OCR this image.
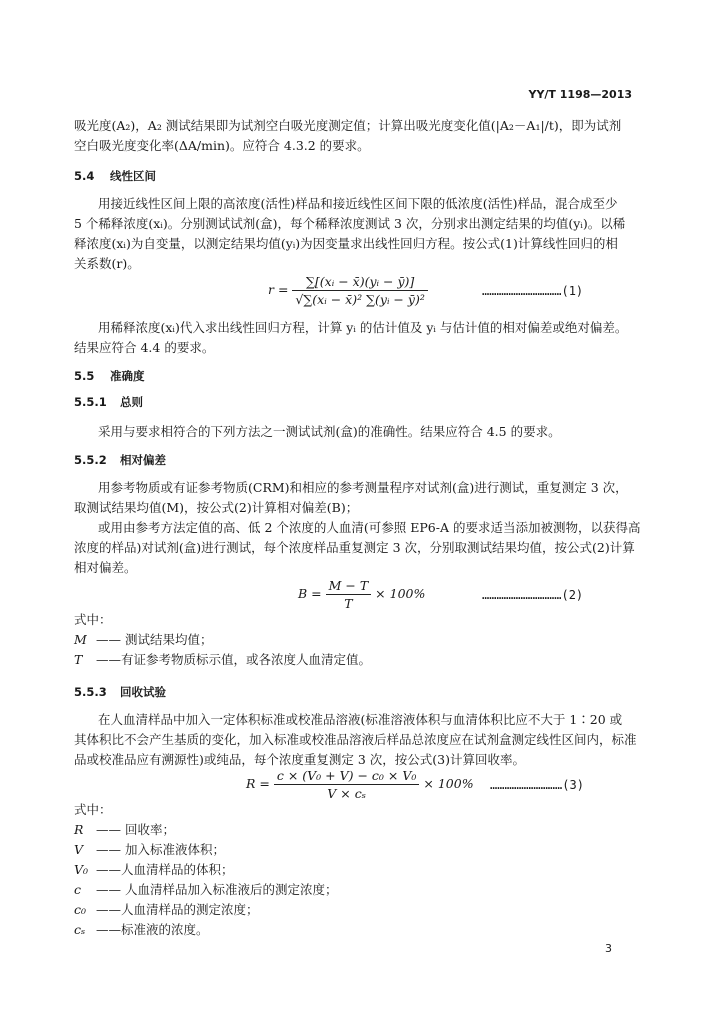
YY/T 1198—2013
吸光度(A₂)，A₂ 测试结果即为试剂空白吸光度测定值；计算出吸光度变化值(|A₂－A₁|/t)，即为试剂
空白吸光度变化率(ΔA/min)。应符合 4.3.2 的要求。
5.4 线性区间
用接近线性区间上限的高浓度(活性)样品和接近线性区间下限的低浓度(活性)样品，混合成至少
5 个稀释浓度(xᵢ)。分别测试试剂(盒)，每个稀释浓度测试 3 次，分别求出测定结果的均值(yᵢ)。以稀
释浓度(xᵢ)为自变量，以测定结果均值(yᵢ)为因变量求出线性回归方程。按公式(1)计算线性回归的相
关系数(r)。
$r = \frac{\text{∑[(xᵢ − x̄)(yᵢ − ȳ)]}}{\text{√∑(xᵢ − x̄)² ∑(yᵢ − ȳ)²}}$	……………………………(1)
用稀释浓度(xᵢ)代入求出线性回归方程，计算 yᵢ 的估计值及 yᵢ 与估计值的相对偏差或绝对偏差。
结果应符合 4.4 的要求。
5.5 准确度
5.5.1 总则
采用与要求相符合的下列方法之一测试试剂(盒)的准确性。结果应符合 4.5 的要求。
5.5.2 相对偏差
用参考物质或有证参考物质(CRM)和相应的参考测量程序对试剂(盒)进行测试，重复测定 3 次，
取测试结果均值(M)，按公式(2)计算相对偏差(B)；
或用由参考方法定值的高、低 2 个浓度的人血清(可参照 EP6-A 的要求适当添加被测物，以获得高
浓度的样品)对试剂(盒)进行测试，每个浓度样品重复测定 3 次，分别取测试结果均值，按公式(2)计算
相对偏差。
$B = \frac{M - T}{T} \times 100\%$	……………………………(2)
式中：
M —— 测试结果均值；
T ——有证参考物质标示值，或各浓度人血清定值。
5.5.3 回收试验
在人血清样品中加入一定体积标准或校准品溶液(标准溶液体积与血清体积比应不大于 1∶20 或
其体积比不会产生基质的变化，加入标准或校准品溶液后样品总浓度应在试剂盒测定线性区间内，标准
品或校准品应有溯源性)或纯品，每个浓度重复测定 3 次，按公式(3)计算回收率。
$R = \frac{\text{c × (V₀ + V) − c₀ × V₀}}{\text{V × cₛ}} \times 100\%$ …………………………(3)
式中：
R —— 回收率；
V —— 加入标准液体积；
V₀ ——人血清样品的体积；
c —— 人血清样品加入标准液后的测定浓度；
c₀ ——人血清样品的测定浓度；
cₛ ——标准液的浓度。
3
